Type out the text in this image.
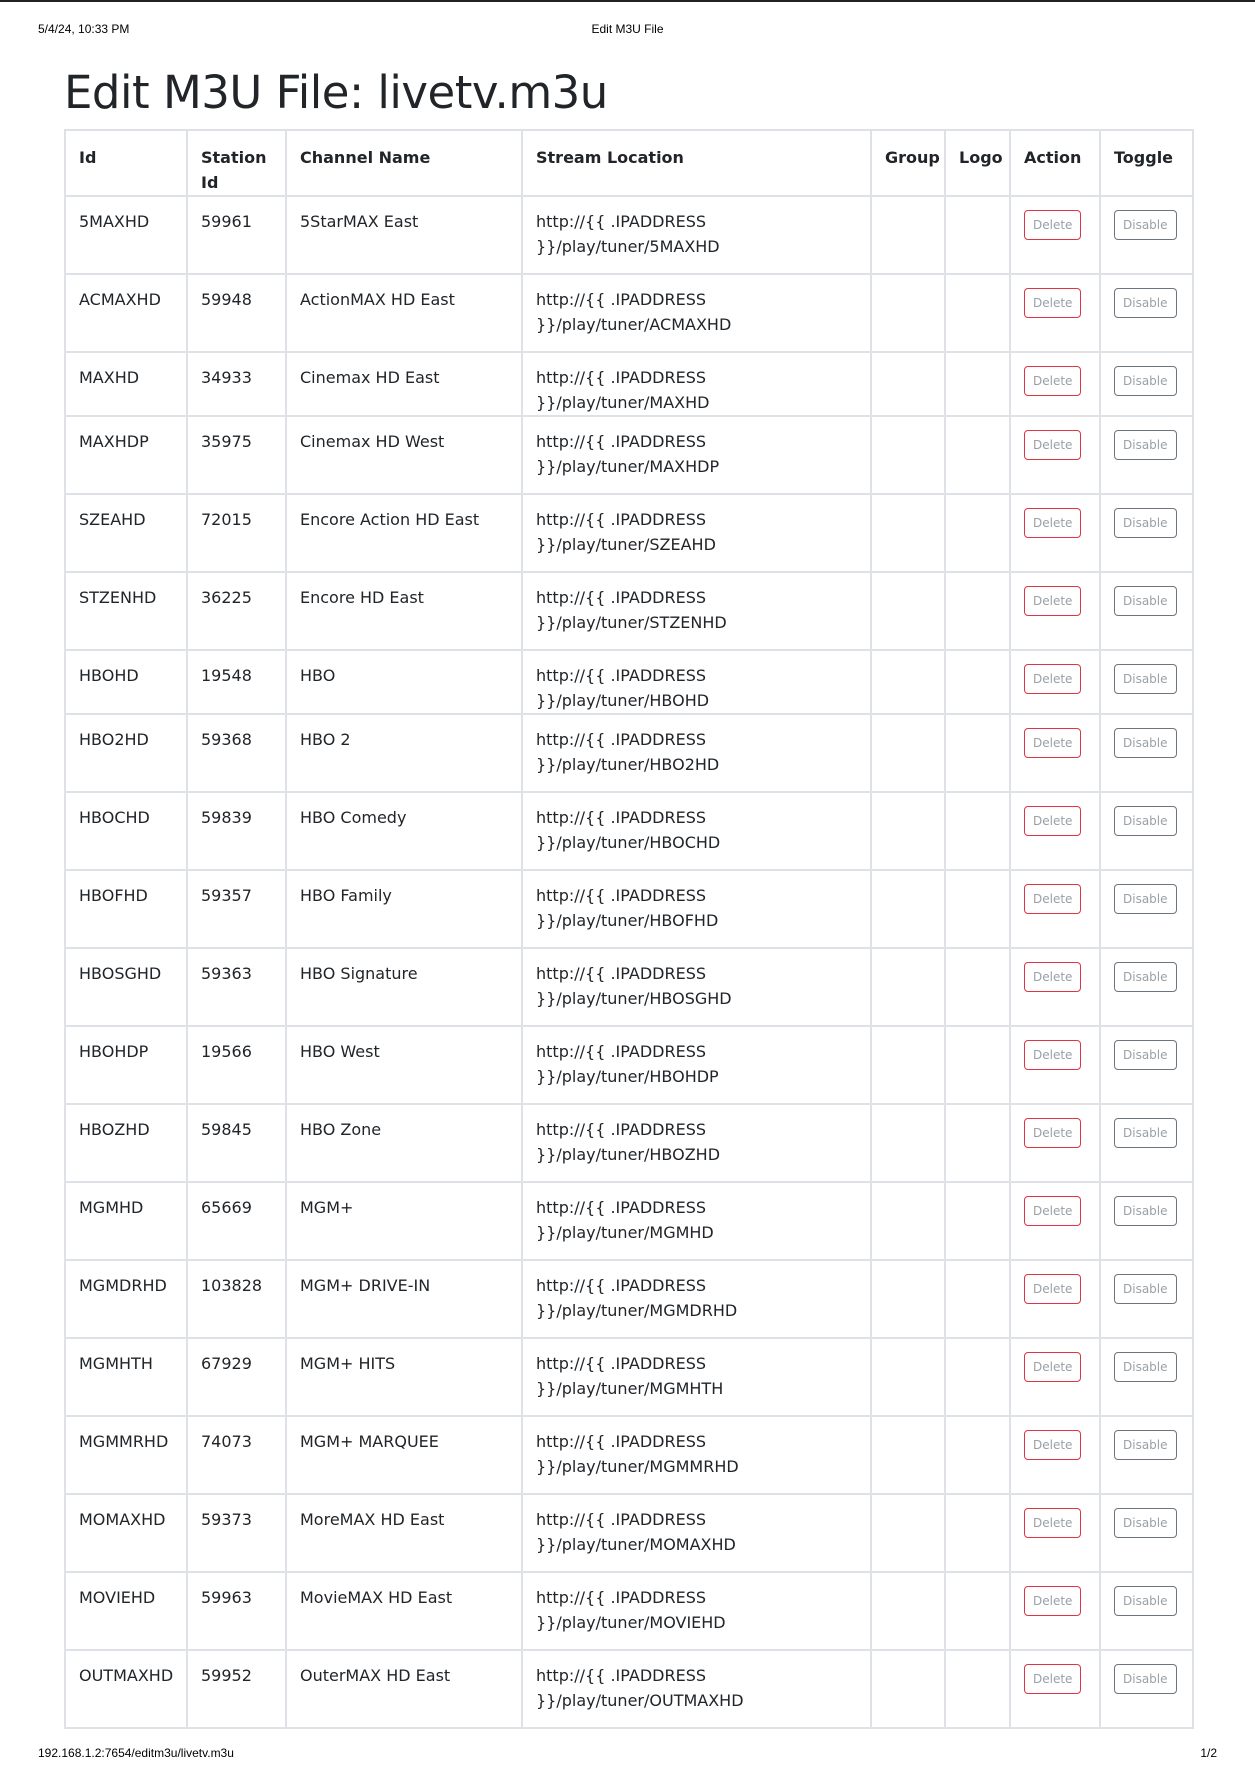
5/4/24, 10:33 PM	Edit M3U File
Edit M3U File: livetv.m3u
Id	Station Id	Channel Name	Stream Location	Group	Logo	Action	Toggle
5MAXHD	59961	5StarMAX East	http://{{ .IPADDRESS }}/play/tuner/5MAXHD			Delete	Disable
ACMAXHD	59948	ActionMAX HD East	http://{{ .IPADDRESS }}/play/tuner/ACMAXHD			Delete	Disable
MAXHD	34933	Cinemax HD East	http://{{ .IPADDRESS }}/play/tuner/MAXHD			Delete	Disable
MAXHDP	35975	Cinemax HD West	http://{{ .IPADDRESS }}/play/tuner/MAXHDP			Delete	Disable
SZEAHD	72015	Encore Action HD East	http://{{ .IPADDRESS }}/play/tuner/SZEAHD			Delete	Disable
STZENHD	36225	Encore HD East	http://{{ .IPADDRESS }}/play/tuner/STZENHD			Delete	Disable
HBOHD	19548	HBO	http://{{ .IPADDRESS }}/play/tuner/HBOHD			Delete	Disable
HBO2HD	59368	HBO 2	http://{{ .IPADDRESS }}/play/tuner/HBO2HD			Delete	Disable
HBOCHD	59839	HBO Comedy	http://{{ .IPADDRESS }}/play/tuner/HBOCHD			Delete	Disable
HBOFHD	59357	HBO Family	http://{{ .IPADDRESS }}/play/tuner/HBOFHD			Delete	Disable
HBOSGHD	59363	HBO Signature	http://{{ .IPADDRESS }}/play/tuner/HBOSGHD			Delete	Disable
HBOHDP	19566	HBO West	http://{{ .IPADDRESS }}/play/tuner/HBOHDP			Delete	Disable
HBOZHD	59845	HBO Zone	http://{{ .IPADDRESS }}/play/tuner/HBOZHD			Delete	Disable
MGMHD	65669	MGM+	http://{{ .IPADDRESS }}/play/tuner/MGMHD			Delete	Disable
MGMDRHD	103828	MGM+ DRIVE-IN	http://{{ .IPADDRESS }}/play/tuner/MGMDRHD			Delete	Disable
MGMHTH	67929	MGM+ HITS	http://{{ .IPADDRESS }}/play/tuner/MGMHTH			Delete	Disable
MGMMRHD	74073	MGM+ MARQUEE	http://{{ .IPADDRESS }}/play/tuner/MGMMRHD			Delete	Disable
MOMAXHD	59373	MoreMAX HD East	http://{{ .IPADDRESS }}/play/tuner/MOMAXHD			Delete	Disable
MOVIEHD	59963	MovieMAX HD East	http://{{ .IPADDRESS }}/play/tuner/MOVIEHD			Delete	Disable
OUTMAXHD	59952	OuterMAX HD East	http://{{ .IPADDRESS }}/play/tuner/OUTMAXHD			Delete	Disable
192.168.1.2:7654/editm3u/livetv.m3u	1/2
